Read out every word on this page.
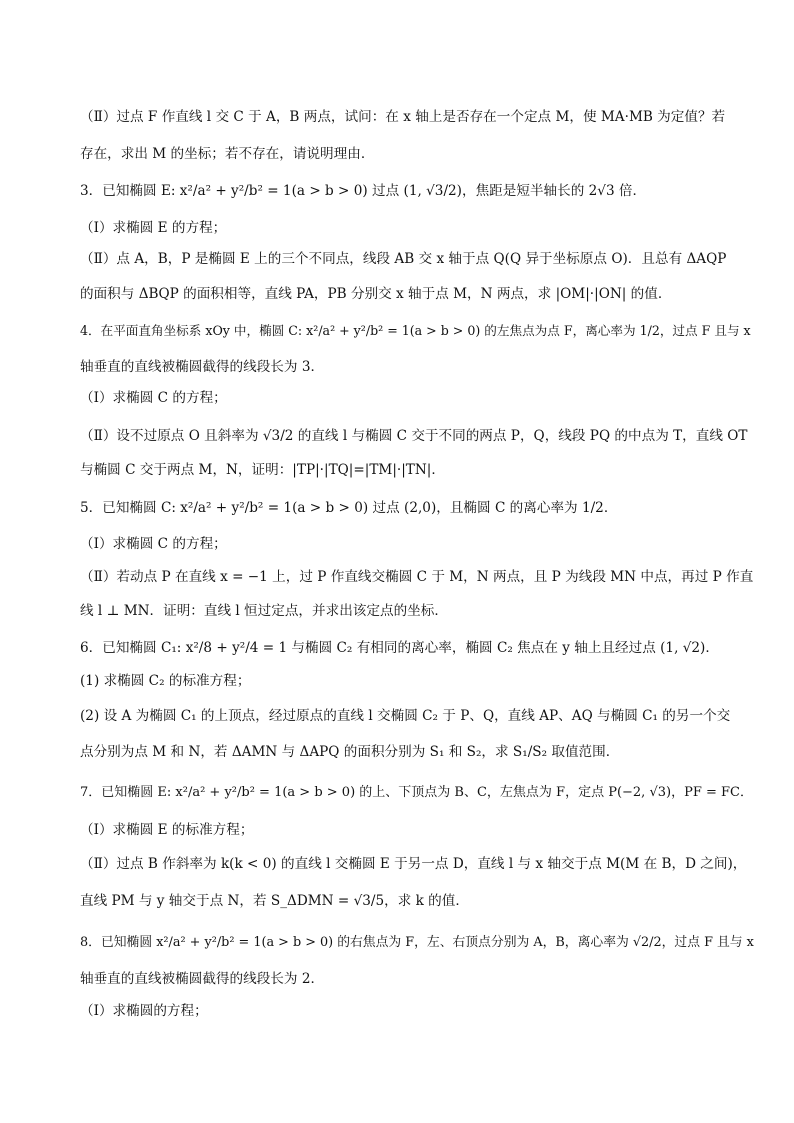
（Ⅱ）过点 F 作直线 l 交 C 于 A，B 两点，试问：在 x 轴上是否存在一个定点 M，使 MA·MB 为定值？若
存在，求出 M 的坐标；若不存在，请说明理由．
3．已知椭圆 E: x²/a² + y²/b² = 1(a > b > 0) 过点 (1, √3/2)，焦距是短半轴长的 2√3 倍．
（Ⅰ）求椭圆 E 的方程；
（Ⅱ）点 A，B，P 是椭圆 E 上的三个不同点，线段 AB 交 x 轴于点 Q(Q 异于坐标原点 O)．且总有 ΔAQP
的面积与 ΔBQP 的面积相等，直线 PA，PB 分别交 x 轴于点 M，N 两点，求 |OM|·|ON| 的值．
4．在平面直角坐标系 xOy 中，椭圆 C: x²/a² + y²/b² = 1(a > b > 0) 的左焦点为点 F，离心率为 1/2，过点 F 且与 x
轴垂直的直线被椭圆截得的线段长为 3．
（Ⅰ）求椭圆 C 的方程；
（Ⅱ）设不过原点 O 且斜率为 √3/2 的直线 l 与椭圆 C 交于不同的两点 P，Q，线段 PQ 的中点为 T，直线 OT
与椭圆 C 交于两点 M，N，证明：|TP|·|TQ|=|TM|·|TN|．
5．已知椭圆 C: x²/a² + y²/b² = 1(a > b > 0) 过点 (2,0)，且椭圆 C 的离心率为 1/2．
（Ⅰ）求椭圆 C 的方程；
（Ⅱ）若动点 P 在直线 x = −1 上，过 P 作直线交椭圆 C 于 M，N 两点，且 P 为线段 MN 中点，再过 P 作直
线 l ⊥ MN．证明：直线 l 恒过定点，并求出该定点的坐标．
6．已知椭圆 C₁: x²/8 + y²/4 = 1 与椭圆 C₂ 有相同的离心率，椭圆 C₂ 焦点在 y 轴上且经过点 (1, √2)．
(1) 求椭圆 C₂ 的标准方程；
(2) 设 A 为椭圆 C₁ 的上顶点，经过原点的直线 l 交椭圆 C₂ 于 P、Q，直线 AP、AQ 与椭圆 C₁ 的另一个交
点分别为点 M 和 N，若 ΔAMN 与 ΔAPQ 的面积分别为 S₁ 和 S₂，求 S₁/S₂ 取值范围．
7．已知椭圆 E: x²/a² + y²/b² = 1(a > b > 0) 的上、下顶点为 B、C，左焦点为 F，定点 P(−2, √3)，PF = FC．
（Ⅰ）求椭圆 E 的标准方程；
（Ⅱ）过点 B 作斜率为 k(k < 0) 的直线 l 交椭圆 E 于另一点 D，直线 l 与 x 轴交于点 M(M 在 B，D 之间)，
直线 PM 与 y 轴交于点 N，若 S_ΔDMN = √3/5，求 k 的值．
8．已知椭圆 x²/a² + y²/b² = 1(a > b > 0) 的右焦点为 F，左、右顶点分别为 A，B，离心率为 √2/2，过点 F 且与 x
轴垂直的直线被椭圆截得的线段长为 2．
（Ⅰ）求椭圆的方程；
